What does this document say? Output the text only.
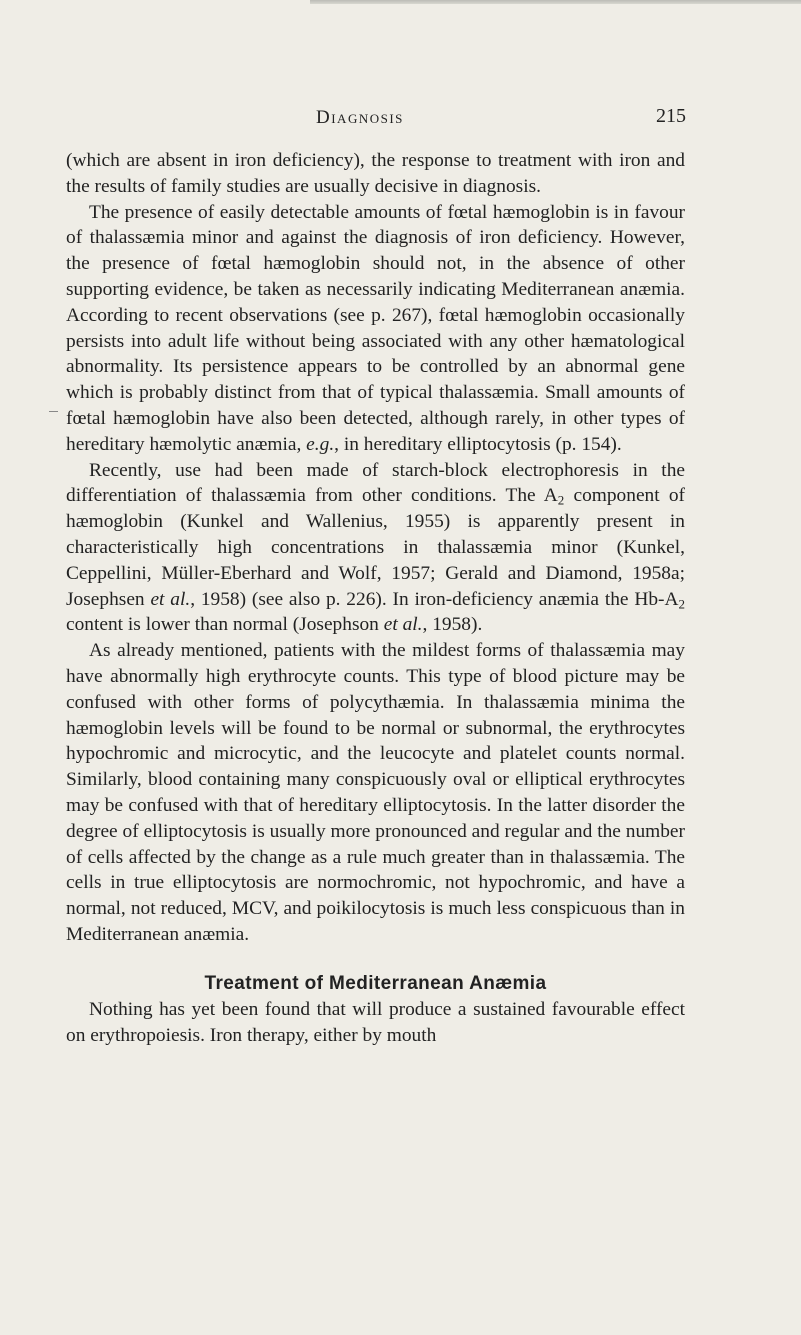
Diagnosis	215

(which are absent in iron deficiency), the response to treatment with iron and the results of family studies are usually decisive in diagnosis.

The presence of easily detectable amounts of fœtal hæmoglobin is in favour of thalassæmia minor and against the diagnosis of iron deficiency. However, the presence of fœtal hæmoglobin should not, in the absence of other supporting evidence, be taken as necessarily indicating Mediterranean anæmia. According to recent observations (see p. 267), fœtal hæmoglobin occasionally persists into adult life without being associated with any other hæmatological abnormality. Its persistence appears to be controlled by an abnormal gene which is probably distinct from that of typical thalassæmia. Small amounts of fœtal hæmoglobin have also been detected, although rarely, in other types of hereditary hæmolytic anæmia, e.g., in hereditary elliptocytosis (p. 154).

Recently, use had been made of starch-block electrophoresis in the differentiation of thalassæmia from other conditions. The $A_2$ component of hæmoglobin (Kunkel and Wallenius, 1955) is apparently present in characteristically high concentrations in thalassæmia minor (Kunkel, Ceppellini, Müller-Eberhard and Wolf, 1957; Gerald and Diamond, 1958a; Josephsen et al., 1958) (see also p. 226). In iron-deficiency anæmia the $Hb-A_2$ content is lower than normal (Josephson et al., 1958).

As already mentioned, patients with the mildest forms of thalassæmia may have abnormally high erythrocyte counts. This type of blood picture may be confused with other forms of polycythæmia. In thalassæmia minima the hæmoglobin levels will be found to be normal or subnormal, the erythrocytes hypochromic and microcytic, and the leucocyte and platelet counts normal. Similarly, blood containing many conspicuously oval or elliptical erythrocytes may be confused with that of hereditary elliptocytosis. In the latter disorder the degree of elliptocytosis is usually more pronounced and regular and the number of cells affected by the change as a rule much greater than in thalassæmia. The cells in true elliptocytosis are normochromic, not hypochromic, and have a normal, not reduced, MCV, and poikilocytosis is much less conspicuous than in Mediterranean anæmia.

Treatment of Mediterranean Anæmia

Nothing has yet been found that will produce a sustained favourable effect on erythropoiesis. Iron therapy, either by mouth
